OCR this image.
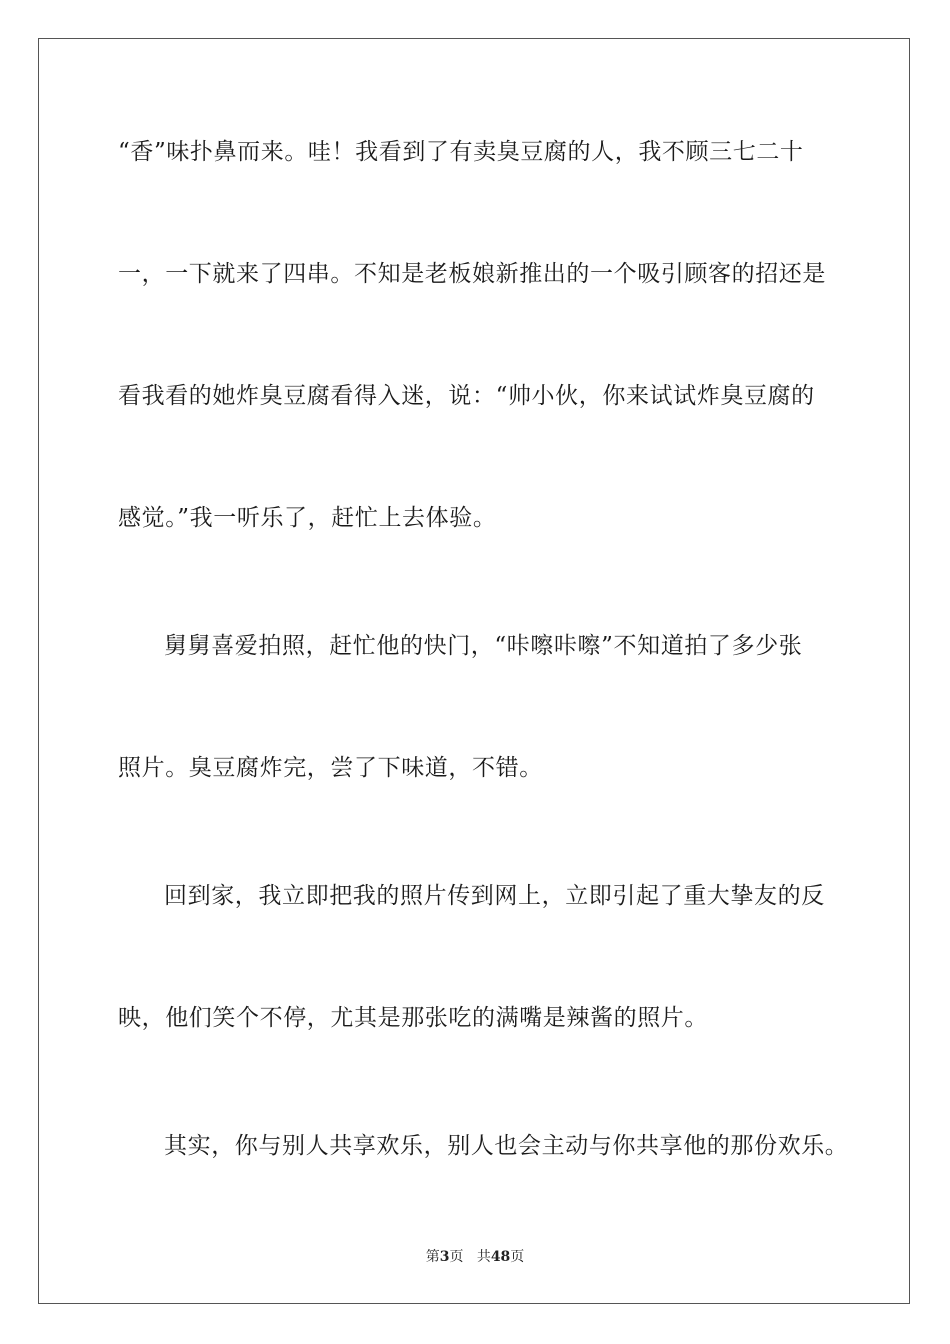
“香”味扑鼻而来。哇！我看到了有卖臭豆腐的人，我不顾三七二十
一，一下就来了四串。不知是老板娘新推出的一个吸引顾客的招还是
看我看的她炸臭豆腐看得入迷，说：“帅小伙，你来试试炸臭豆腐的
感觉。”我一听乐了，赶忙上去体验。
舅舅喜爱拍照，赶忙他的快门，“咔嚓咔嚓”不知道拍了多少张
照片。臭豆腐炸完，尝了下味道，不错。
回到家，我立即把我的照片传到网上，立即引起了重大挚友的反
映，他们笑个不停，尤其是那张吃的满嘴是辣酱的照片。
其实，你与别人共享欢乐，别人也会主动与你共享他的那份欢乐。
第3页 共48页
